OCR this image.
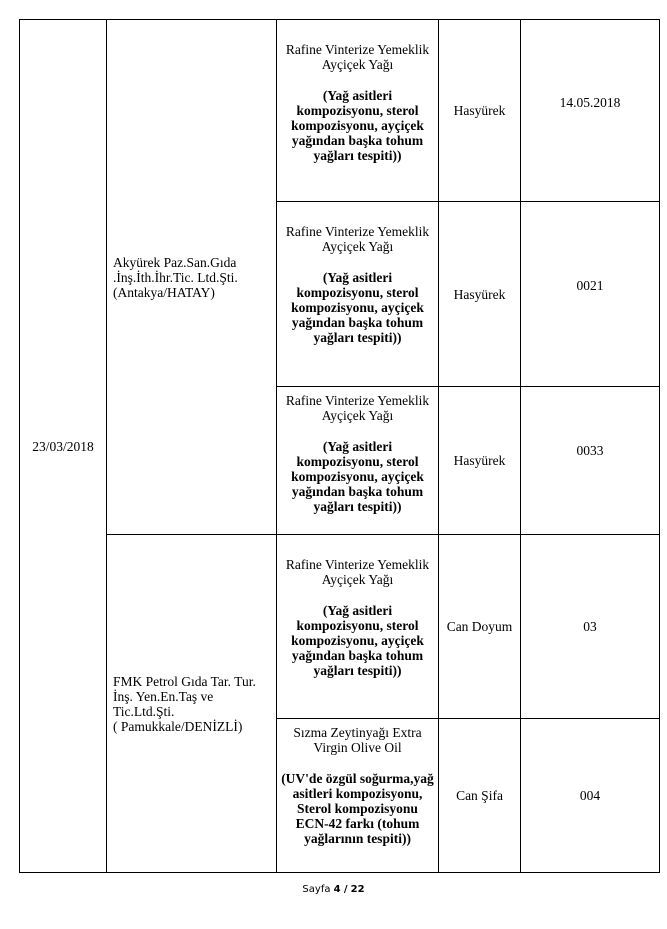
23/03/2018	Akyürek Paz.San.Gıda
.İnş.İth.İhr.Tic. Ltd.Şti.
(Antakya/HATAY)	Rafine Vinterize Yemeklik Ayçiçek Yağı
(Yağ asitleri kompozisyonu, sterol kompozisyonu, ayçiçek yağından başka tohum yağları tespiti))	Hasyürek	14.05.2018

		Rafine Vinterize Yemeklik Ayçiçek Yağı
(Yağ asitleri kompozisyonu, sterol kompozisyonu, ayçiçek yağından başka tohum yağları tespiti))	Hasyürek	0021

		Rafine Vinterize Yemeklik Ayçiçek Yağı
(Yağ asitleri kompozisyonu, sterol kompozisyonu, ayçiçek yağından başka tohum yağları tespiti))	Hasyürek	0033
	FMK Petrol Gıda Tar. Tur.
İnş. Yen.En.Taş ve
Tic.Ltd.Şti.
( Pamukkale/DENİZLİ)	Rafine Vinterize Yemeklik Ayçiçek Yağı
(Yağ asitleri kompozisyonu, sterol kompozisyonu, ayçiçek yağından başka tohum yağları tespiti))	Can Doyum	03

		Sızma Zeytinyağı Extra Virgin Olive Oil
(UV'de özgül soğurma,yağ asitleri kompozisyonu, Sterol kompozisyonu ECN-42 farkı (tohum yağlarının tespiti))	Can Şifa	004
Sayfa 4 / 22
